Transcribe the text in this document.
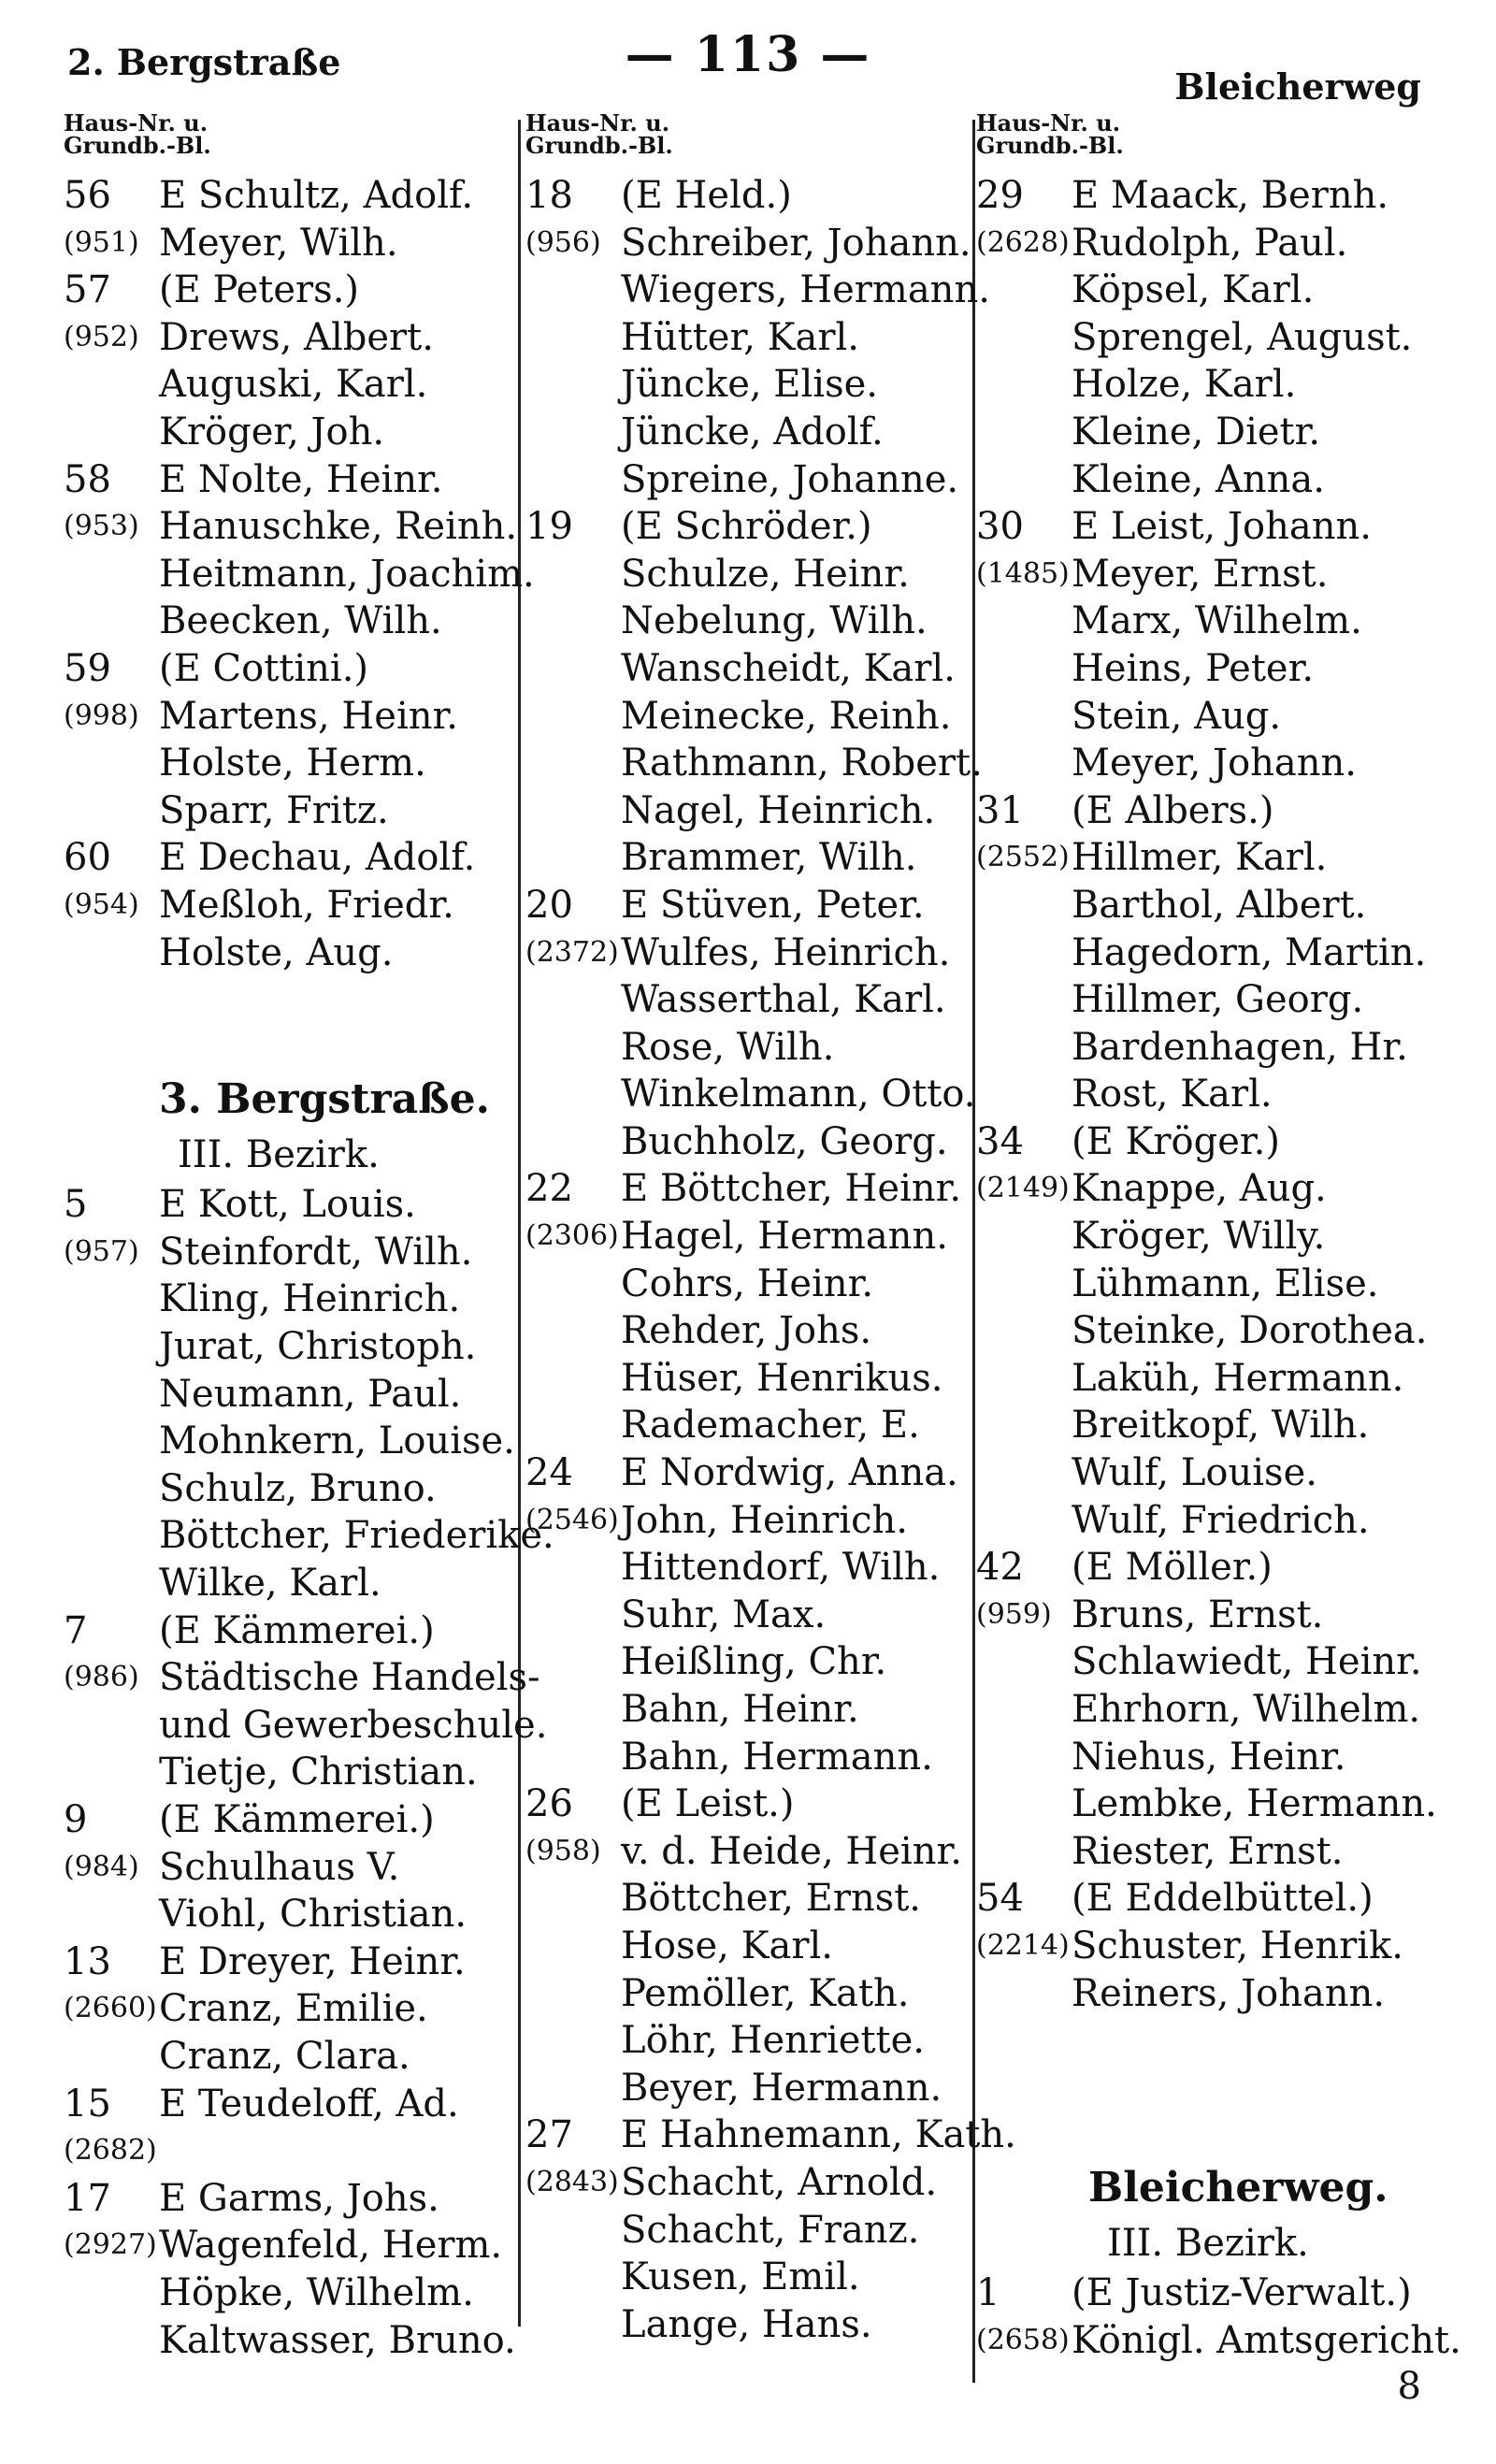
2. Bergstraße	— 113 —
Bleicherweg
Haus-Nr. u.
Grundb.-Bl.
56	E Schultz, Adolf.
(951) Meyer, Wilh.
57	(E Peters.)
(952) Drews, Albert.
Auguski, Karl.
Kröger, Joh.
58	E Nolte, Heinr.
(953) Hanuschke, Reinh.
Heitmann, Joachim.
Beecken, Wilh.
59	(E Cottini.)
(998) Martens, Heinr.
Holste, Herm.
Sparr, Fritz.
60	E Dechau, Adolf.
(954) Meßloh, Friedr.
Holste, Aug.
3. Bergstraße.
III. Bezirk.
5	E Kott, Louis.
(957) Steinfordt, Wilh.
Kling, Heinrich.
Jurat, Christoph.
Neumann, Paul.
Mohnkern, Louise.
Schulz, Bruno.
Böttcher, Friederike.
Wilke, Karl.
7	(E Kämmerei.)
(986) Städtische Handels-
und Gewerbeschule.
Tietje, Christian.
9	(E Kämmerei.)
(984) Schulhaus V.
Viohl, Christian.
13	E Dreyer, Heinr.
(2660) Cranz, Emilie.
Cranz, Clara.
15	E Teudeloff, Ad.
(2682)
17	E Garms, Johs.
(2927) Wagenfeld, Herm.
Höpke, Wilhelm.
Kaltwasser, Bruno.
Haus-Nr. u.
Grundb.-Bl.
18	(E Held.)
(956) Schreiber, Johann.
Wiegers, Hermann.
Hütter, Karl.
Jüncke, Elise.
Jüncke, Adolf.
Spreine, Johanne.
19	(E Schröder.)
Schulze, Heinr.
Nebelung, Wilh.
Wanscheidt, Karl.
Meinecke, Reinh.
Rathmann, Robert.
Nagel, Heinrich.
Brammer, Wilh.
20	E Stüven, Peter.
(2372) Wulfes, Heinrich.
Wasserthal, Karl.
Rose, Wilh.
Winkelmann, Otto.
Buchholz, Georg.
22	E Böttcher, Heinr.
(2306) Hagel, Hermann.
Cohrs, Heinr.
Rehder, Johs.
Hüser, Henrikus.
Rademacher, E.
24	E Nordwig, Anna.
(2546) John, Heinrich.
Hittendorf, Wilh.
Suhr, Max.
Heißling, Chr.
Bahn, Heinr.
Bahn, Hermann.
26	(E Leist.)
(958) v. d. Heide, Heinr.
Böttcher, Ernst.
Hose, Karl.
Pemöller, Kath.
Löhr, Henriette.
Beyer, Hermann.
27	E Hahnemann, Kath.
(2843) Schacht, Arnold.
Schacht, Franz.
Kusen, Emil.
Lange, Hans.
Haus-Nr. u.
Grundb.-Bl.
29	E Maack, Bernh.
(2628) Rudolph, Paul.
Köpsel, Karl.
Sprengel, August.
Holze, Karl.
Kleine, Dietr.
Kleine, Anna.
30	E Leist, Johann.
(1485) Meyer, Ernst.
Marx, Wilhelm.
Heins, Peter.
Stein, Aug.
Meyer, Johann.
31	(E Albers.)
(2552) Hillmer, Karl.
Barthol, Albert.
Hagedorn, Martin.
Hillmer, Georg.
Bardenhagen, Hr.
Rost, Karl.
34	(E Kröger.)
(2149) Knappe, Aug.
Kröger, Willy.
Lühmann, Elise.
Steinke, Dorothea.
Laküh, Hermann.
Breitkopf, Wilh.
Wulf, Louise.
Wulf, Friedrich.
42	(E Möller.)
(959) Bruns, Ernst.
Schlawiedt, Heinr.
Ehrhorn, Wilhelm.
Niehus, Heinr.
Lembke, Hermann.
Riester, Ernst.
54	(E Eddelbüttel.)
(2214) Schuster, Henrik.
Reiners, Johann.
Bleicherweg.
III. Bezirk.
1	(E Justiz-Verwalt.)
(2658) Königl. Amtsgericht.
8
